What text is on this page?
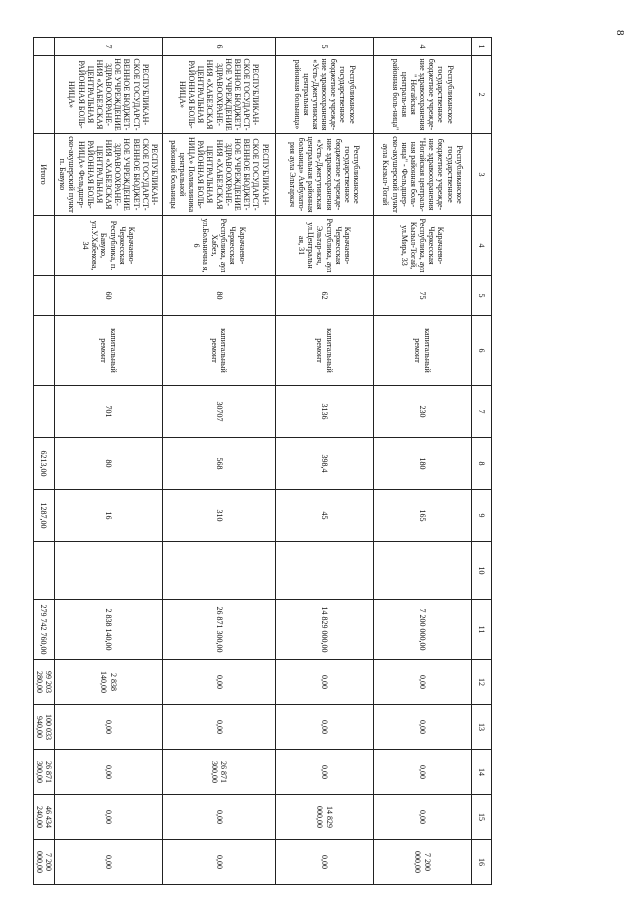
8
1	2	3	4	5	6	7	8	9	10	11	12	13	14	15	16
4	Республиканское государственное бюджетное учрежде-ние здравоохранения " Ногайская централь-ная районная боль-ница"	Республиканское государственное бюджетное учрежде-ние здравоохранения "Ногайская централь-ная районная боль-ница" - Фельдшер-ско-акушерский пункт аула Кызыл-Тогай	Карачаево-Черкесская Республика, аул Кызыл-Тогай, ул.Мира, 33	75	капитальный ремонт	230	180	165		7 200 000,00	0,00	0,00	0,00	0,00	7 200 000,00
5	Республиканское государственное бюджетное учрежде-ние здравоохранения «Усть-Джегутинская центральная районная больница»	Республиканское государственное бюджетное учрежде-ние здравоохранения «Усть-Джегутинская центральная районная больница» Амбулато-рия аула Эльтаркач	Карачаево-Черкесская Республика, аул Эльтар-кач, ул.Центральн ая, 31	62	капитальный ремонт	3136	398,4	45		14 829 000,00	0,00	0,00	0,00	14 829 000,00	0,00
6	РЕСПУБЛИКАН-СКОЕ ГОСУДАРСТ-ВЕННОЕ БЮДЖЕТ-НОЕ УЧРЕЖДЕНИЕ ЗДРАВООХРАНЕ-НИЯ «ХАБЕЗСКАЯ ЦЕНТРАЛЬНАЯ РАЙОННАЯ БОЛЬ-НИЦА»	РЕСПУБЛИКАН-СКОЕ ГОСУДАРСТ-ВЕННОЕ БЮДЖЕТ-НОЕ УЧРЕЖДЕНИЕ ЗДРАВООХРАНЕ-НИЯ «ХАБЕЗСКАЯ ЦЕНТРАЛЬНАЯ РАЙОННАЯ БОЛЬ-НИЦА» Поликлиника центральной районной больницы	Карачаево-Черкесская Республика, аул Хабез, ул.Больнична я, 6	80	капитальный ремонт	30707	568	310		26 871 300,00	0,00	0,00	26 871 300,00	0,00	0,00
7	РЕСПУБЛИКАН-СКОЕ ГОСУДАРСТ-ВЕННОЕ БЮДЖЕТ-НОЕ УЧРЕЖДЕНИЕ ЗДРАВООХРАНЕ-НИЯ «ХАБЕЗСКАЯ ЦЕНТРАЛЬНАЯ РАЙОННАЯ БОЛЬ-НИЦА»	РЕСПУБЛИКАН-СКОЕ ГОСУДАРСТ-ВЕННОЕ БЮДЖЕТ-НОЕ УЧРЕЖДЕНИЕ ЗДРАВООХРАНЕ-НИЯ «ХАБЕЗСКАЯ ЦЕНТРАЛЬНАЯ РАЙОННАЯ БОЛЬ-НИЦА» Фельдшер-ско-акушерский пункт п. Бавуко	Карачаево-Черкесская Республика, п. Бавуко, ул.У.Хабекова, 34	60	капитальный ремонт	701	80	16		2 838 140,00	2 838 140,00	0,00	0,00	0,00	0,00
		Итого					6213,00	1287,00		279 742 760,00	99 203 280,00	100 033 940,00	26 871 300,00	46 434 240,00	7 200 000,00
